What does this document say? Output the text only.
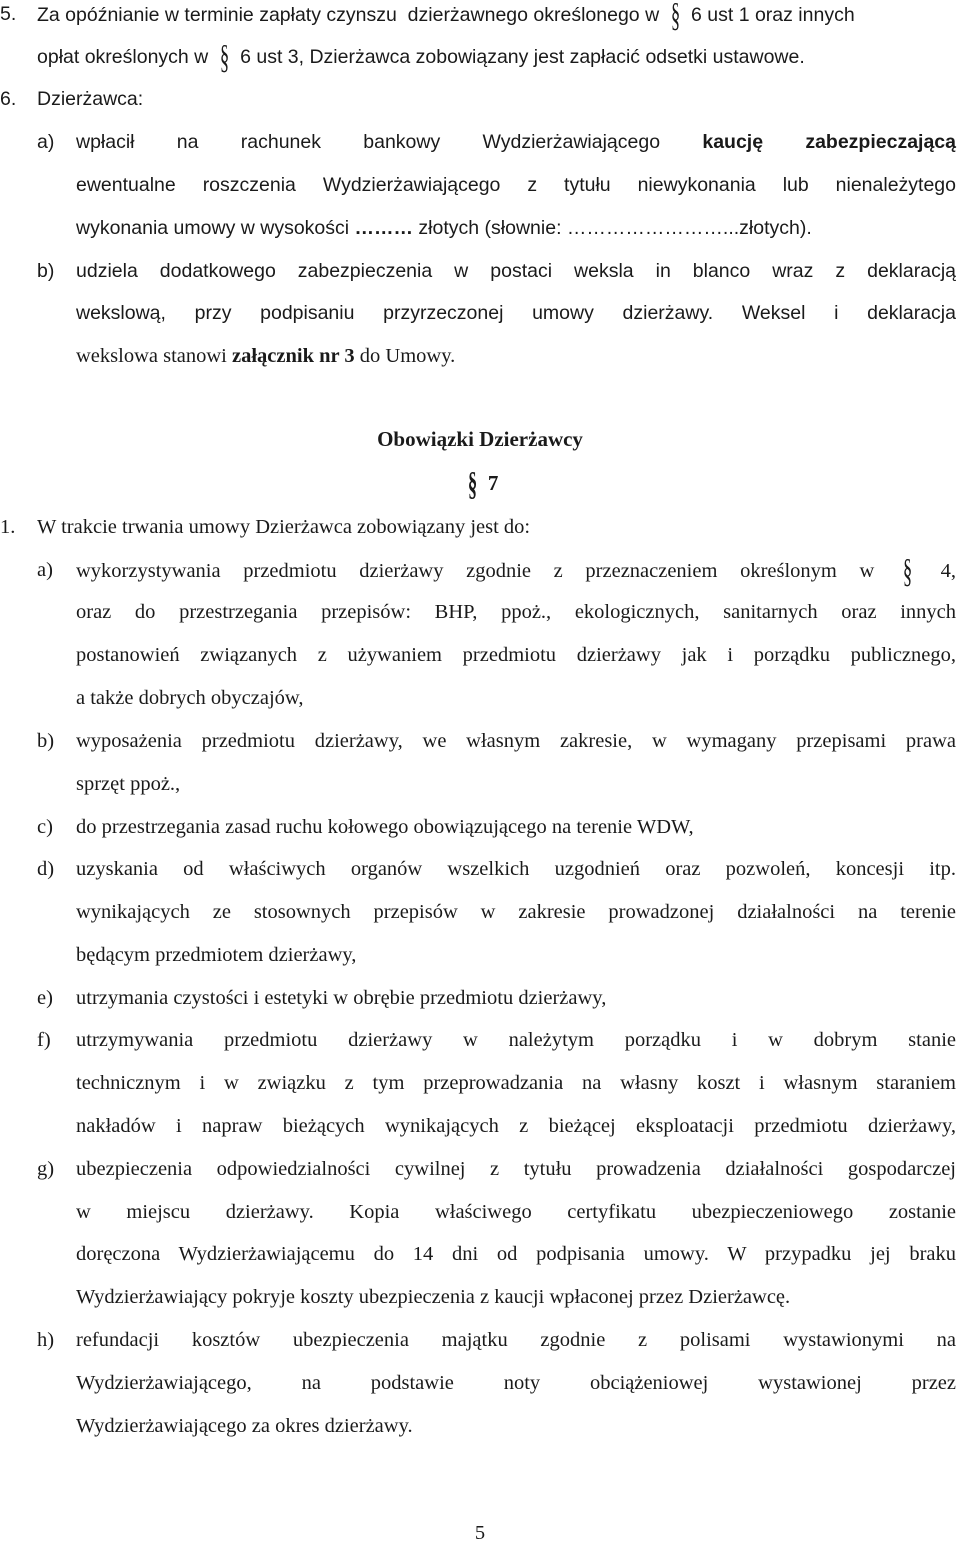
5. Za opóźnianie w terminie zapłaty czynszu  dzierżawnego określonego w § 6 ust 1 oraz innych
opłat określonych w § 6 ust 3, Dzierżawca zobowiązany jest zapłacić odsetki ustawowe.
6. Dzierżawca:
a) wpłacił na rachunek bankowy Wydzierżawiającego kaucję zabezpieczającą
ewentualne roszczenia Wydzierżawiającego z tytułu niewykonania lub nienależytego
wykonania umowy w wysokości ……… złotych (słownie: ……………………...złotych).
b) udziela dodatkowego zabezpieczenia w postaci weksla in blanco wraz z deklaracją
wekslową, przy podpisaniu przyrzeczonej umowy dzierżawy. Weksel i deklaracja
wekslowa stanowi załącznik nr 3 do Umowy.
Obowiązki Dzierżawcy
§ 7
1. W trakcie trwania umowy Dzierżawca zobowiązany jest do:
a) wykorzystywania przedmiotu dzierżawy zgodnie z przeznaczeniem określonym w § 4,
oraz do przestrzegania przepisów: BHP, ppoż., ekologicznych, sanitarnych oraz innych
postanowień związanych z używaniem przedmiotu dzierżawy jak i porządku publicznego,
a także dobrych obyczajów,
b) wyposażenia przedmiotu dzierżawy, we własnym zakresie, w wymagany przepisami prawa
sprzęt ppoż.,
c) do przestrzegania zasad ruchu kołowego obowiązującego na terenie WDW,
d) uzyskania od właściwych organów wszelkich uzgodnień oraz pozwoleń, koncesji itp.
wynikających ze stosownych przepisów w zakresie prowadzonej działalności na terenie
będącym przedmiotem dzierżawy,
e) utrzymania czystości i estetyki w obrębie przedmiotu dzierżawy,
f) utrzymywania przedmiotu dzierżawy w należytym porządku i w dobrym stanie
technicznym i w związku z tym przeprowadzania na własny koszt i własnym staraniem
nakładów i napraw bieżących wynikających z bieżącej eksploatacji przedmiotu dzierżawy,
g) ubezpieczenia odpowiedzialności cywilnej z tytułu prowadzenia działalności gospodarczej
w miejscu dzierżawy. Kopia właściwego certyfikatu ubezpieczeniowego zostanie
doręczona Wydzierżawiającemu do 14 dni od podpisania umowy. W przypadku jej braku
Wydzierżawiający pokryje koszty ubezpieczenia z kaucji wpłaconej przez Dzierżawcę.
h) refundacji kosztów ubezpieczenia majątku zgodnie z polisami wystawionymi na
Wydzierżawiającego, na podstawie noty obciążeniowej wystawionej przez
Wydzierżawiającego za okres dzierżawy.
5
